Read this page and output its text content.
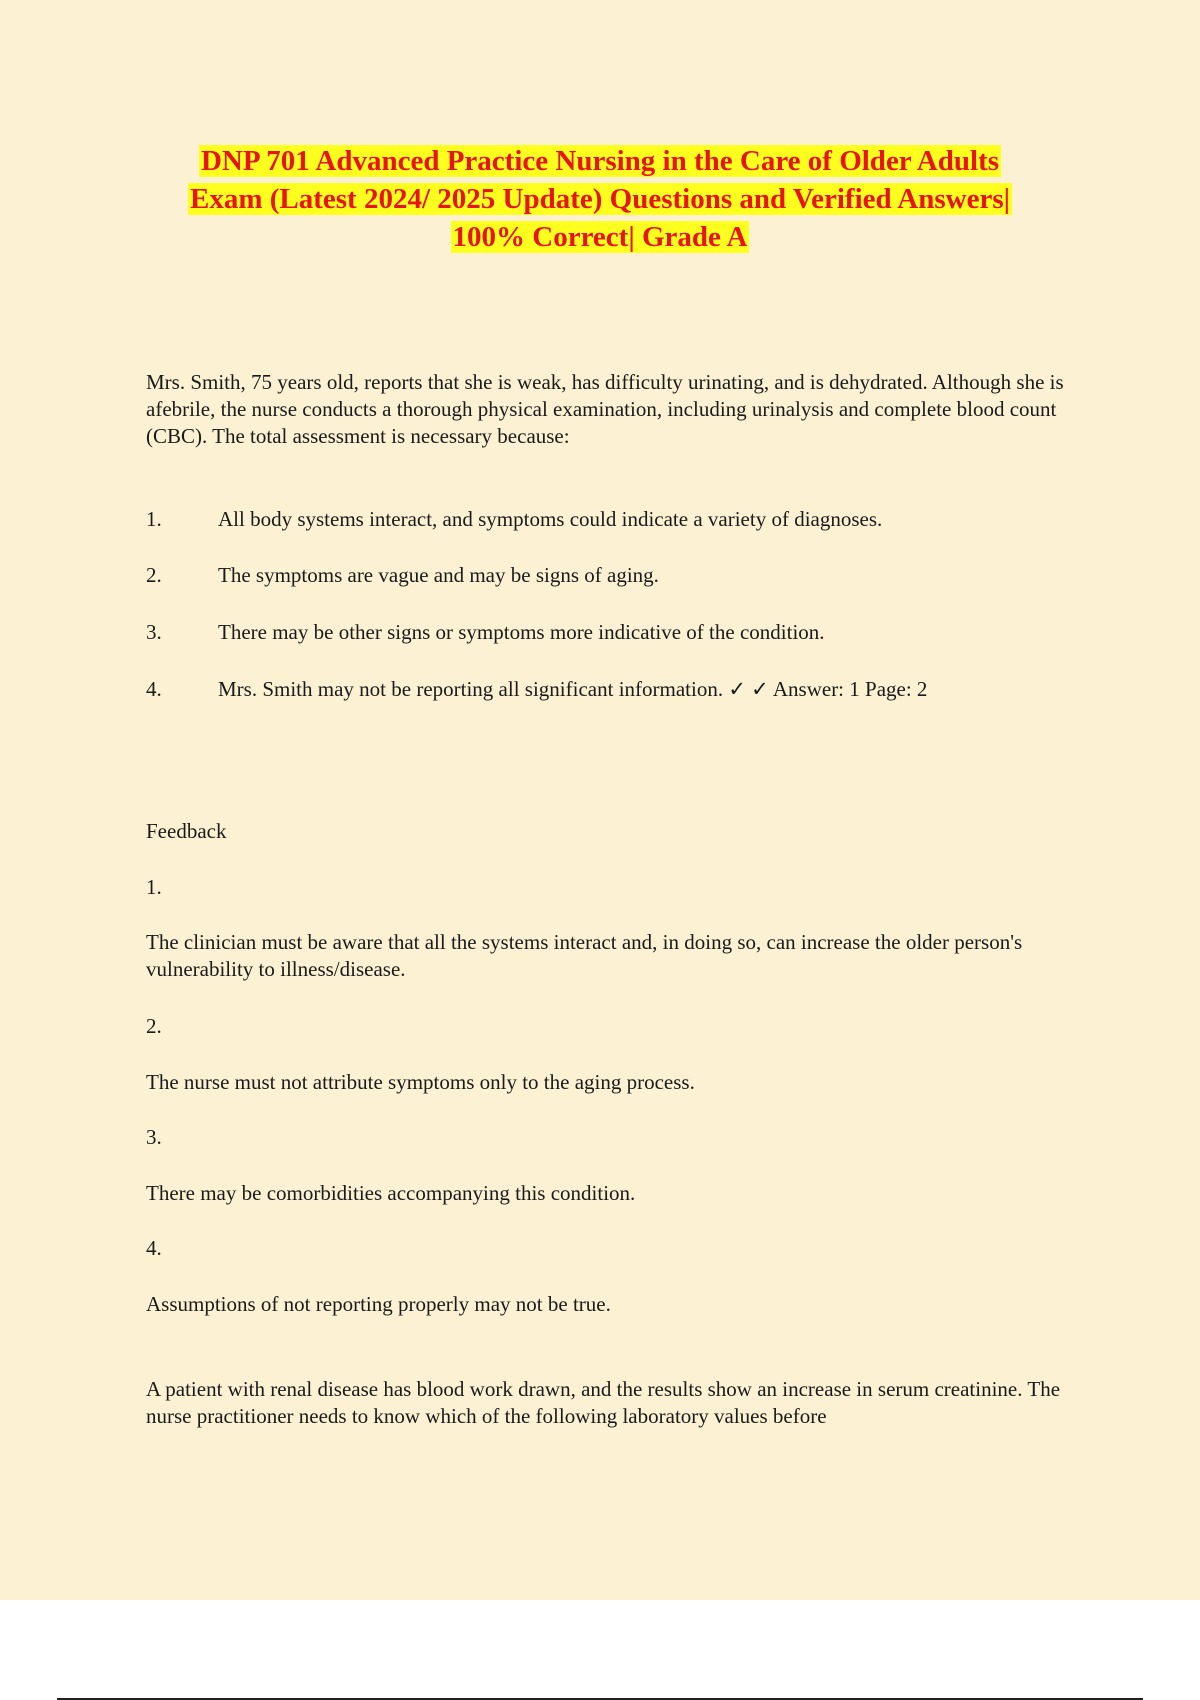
DNP 701 Advanced Practice Nursing in the Care of Older Adults
Exam (Latest 2024/ 2025 Update) Questions and Verified Answers|
100% Correct| Grade A

Mrs. Smith, 75 years old, reports that she is weak, has difficulty urinating, and is dehydrated. Although she is afebrile, the nurse conducts a thorough physical examination, including urinalysis and complete blood count (CBC). The total assessment is necessary because:

1.	All body systems interact, and symptoms could indicate a variety of diagnoses.
2.	The symptoms are vague and may be signs of aging.
3.	There may be other signs or symptoms more indicative of the condition.
4.	Mrs. Smith may not be reporting all significant information. ✓ ✓ Answer: 1 Page: 2

Feedback

1.

The clinician must be aware that all the systems interact and, in doing so, can increase the older person's vulnerability to illness/disease.

2.

The nurse must not attribute symptoms only to the aging process.

3.

There may be comorbidities accompanying this condition.

4.

Assumptions of not reporting properly may not be true.

A patient with renal disease has blood work drawn, and the results show an increase in serum creatinine. The nurse practitioner needs to know which of the following laboratory values before
